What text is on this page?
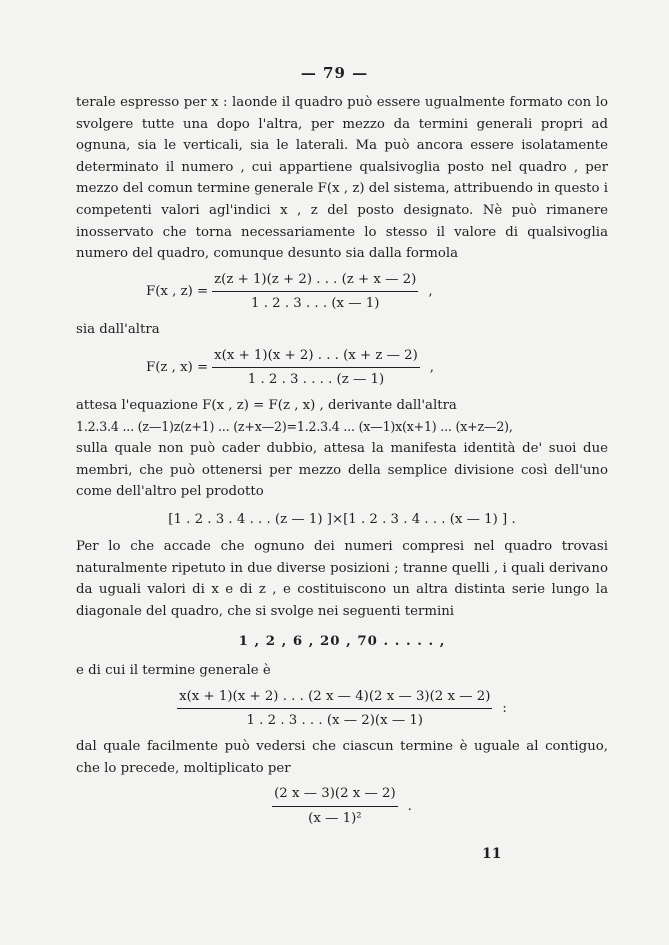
— 79 —

terale espresso per x : laonde il quadro può essere ugualmente formato con lo svolgere tutte una dopo l'altra, per mezzo da termini generali propri ad ognuna, sia le verticali, sia le laterali. Ma può ancora essere isolatamente determinato il numero , cui appartiene qualsivoglia posto nel quadro , per mezzo del comun termine generale F(x , z) del sistema, attribuendo in questo i competenti valori agl'indici x , z del posto designato. Nè può rimanere inosservato che torna necessariamente lo stesso il valore di qualsivoglia numero del quadro, comunque desunto sia dalla formola

F(x , $z) = \frac{z(z + 1)(z + 2) . . . (z + x — 2)}{1 . 2 . 3 . . . (x — 1)}$ ,

sia dall'altra

F(z , $x) = \frac{x(x + 1)(x + 2) . . . (x + z — 2)}{1 . 2 . 3 . . . . (z — 1)}$ ,

attesa l'equazione F(x , z) = F(z , x) , derivante dall'altra

1.2.3.4 ... (z—1)z(z+1) ... (z+x—2)=1.2.3.4 ... (x—1)x(x+1) ... (x+z—2),

sulla quale non può cader dubbio, attesa la manifesta identità de' suoi due membri, che può ottenersi per mezzo della semplice divisione così dell'uno come dell'altro pel prodotto

[1 . 2 . 3 . 4 . . . (z — 1) ]×[1 . 2 . 3 . 4 . . . (x — 1) ] .

Per lo che accade che ognuno dei numeri compresi nel quadro trovasi naturalmente ripetuto in due diverse posizioni ; tranne quelli , i quali derivano da uguali valori di x e di z , e costituiscono un altra distinta serie lungo la diagonale del quadro, che si svolge nei seguenti termini

1 , 2 , 6 , 20 , 70 . . . . . ,

e di cui il termine generale è

$\frac{x(x + 1)(x + 2) . . . (2 x — 4)(2 x — 3)(2 x — 2)}{1 . 2 . 3 . . . (x — 2)(x — 1)}$ :

dal quale facilmente può vedersi che ciascun termine è uguale al contiguo, che lo precede, moltiplicato per

$\frac{(2 x — 3)(2 x — 2)}{\text{(x — 1)²}}$ .
11
